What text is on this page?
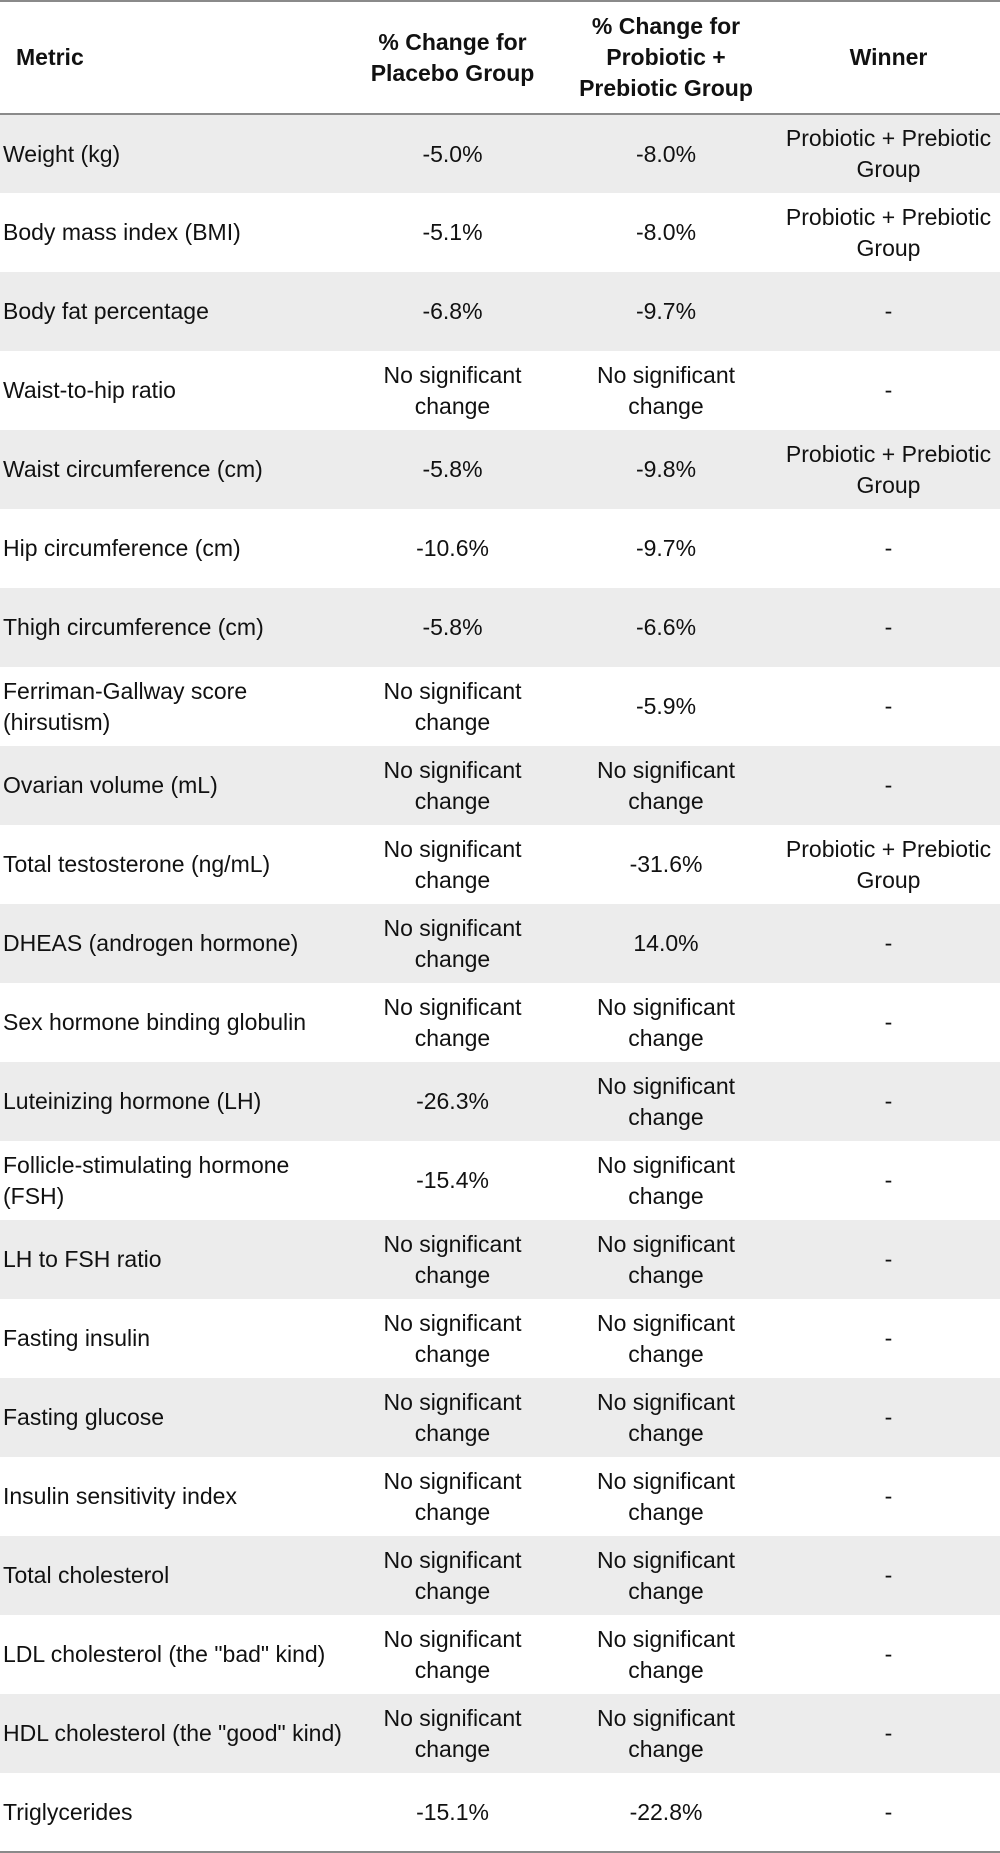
Metric	% Change for Placebo Group	% Change for Probiotic + Prebiotic Group	Winner
Weight (kg)	-5.0%	-8.0%	Probiotic + Prebiotic Group
Body mass index (BMI)	-5.1%	-8.0%	Probiotic + Prebiotic Group
Body fat percentage	-6.8%	-9.7%	-
Waist-to-hip ratio	No significant change	No significant change	-
Waist circumference (cm)	-5.8%	-9.8%	Probiotic + Prebiotic Group
Hip circumference (cm)	-10.6%	-9.7%	-
Thigh circumference (cm)	-5.8%	-6.6%	-
Ferriman-Gallway score (hirsutism)	No significant change	-5.9%	-
Ovarian volume (mL)	No significant change	No significant change	-
Total testosterone (ng/mL)	No significant change	-31.6%	Probiotic + Prebiotic Group
DHEAS (androgen hormone)	No significant change	14.0%	-
Sex hormone binding globulin	No significant change	No significant change	-
Luteinizing hormone (LH)	-26.3%	No significant change	-
Follicle-stimulating hormone (FSH)	-15.4%	No significant change	-
LH to FSH ratio	No significant change	No significant change	-
Fasting insulin	No significant change	No significant change	-
Fasting glucose	No significant change	No significant change	-
Insulin sensitivity index	No significant change	No significant change	-
Total cholesterol	No significant change	No significant change	-
LDL cholesterol (the "bad" kind)	No significant change	No significant change	-
HDL cholesterol (the "good" kind)	No significant change	No significant change	-
Triglycerides	-15.1%	-22.8%	-
